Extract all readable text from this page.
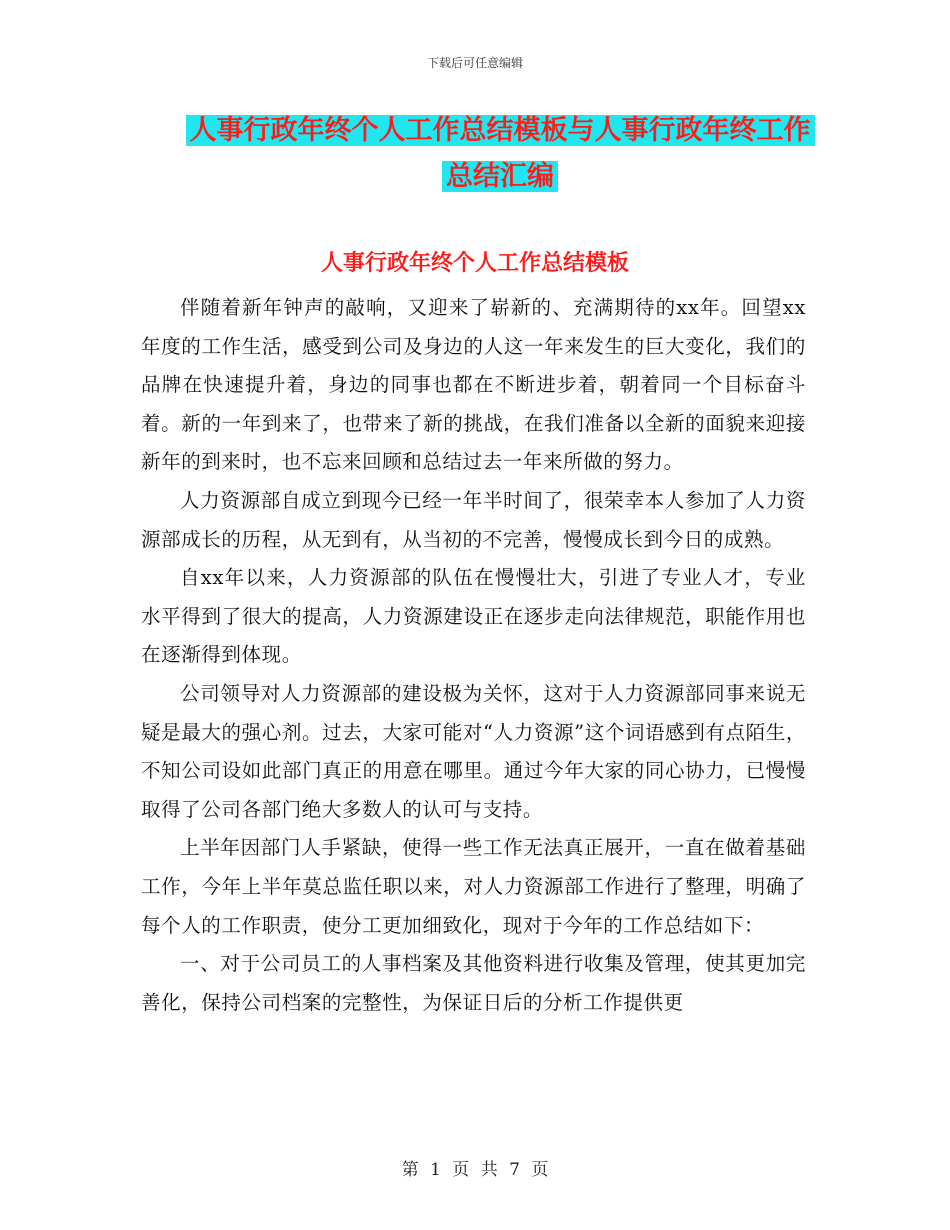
下载后可任意编辑
人事行政年终个人工作总结模板与人事行政年终工作
总结汇编
人事行政年终个人工作总结模板

伴随着新年钟声的敲响，又迎来了崭新的、充满期待的xx年。回望xx年度的工作生活，感受到公司及身边的人这一年来发生的巨大变化，我们的品牌在快速提升着，身边的同事也都在不断进步着，朝着同一个目标奋斗着。新的一年到来了，也带来了新的挑战，在我们准备以全新的面貌来迎接新年的到来时，也不忘来回顾和总结过去一年来所做的努力。

人力资源部自成立到现今已经一年半时间了，很荣幸本人参加了人力资源部成长的历程，从无到有，从当初的不完善，慢慢成长到今日的成熟。

自xx年以来，人力资源部的队伍在慢慢壮大，引进了专业人才，专业水平得到了很大的提高，人力资源建设正在逐步走向法律规范，职能作用也在逐渐得到体现。

公司领导对人力资源部的建设极为关怀，这对于人力资源部同事来说无疑是最大的强心剂。过去，大家可能对“人力资源”这个词语感到有点陌生，不知公司设如此部门真正的用意在哪里。通过今年大家的同心协力，已慢慢取得了公司各部门绝大多数人的认可与支持。

上半年因部门人手紧缺，使得一些工作无法真正展开，一直在做着基础工作，今年上半年莫总监任职以来，对人力资源部工作进行了整理，明确了每个人的工作职责，使分工更加细致化，现对于今年的工作总结如下：

一、对于公司员工的人事档案及其他资料进行收集及管理，使其更加完善化，保持公司档案的完整性，为保证日后的分析工作提供更

第 1 页 共 7 页
